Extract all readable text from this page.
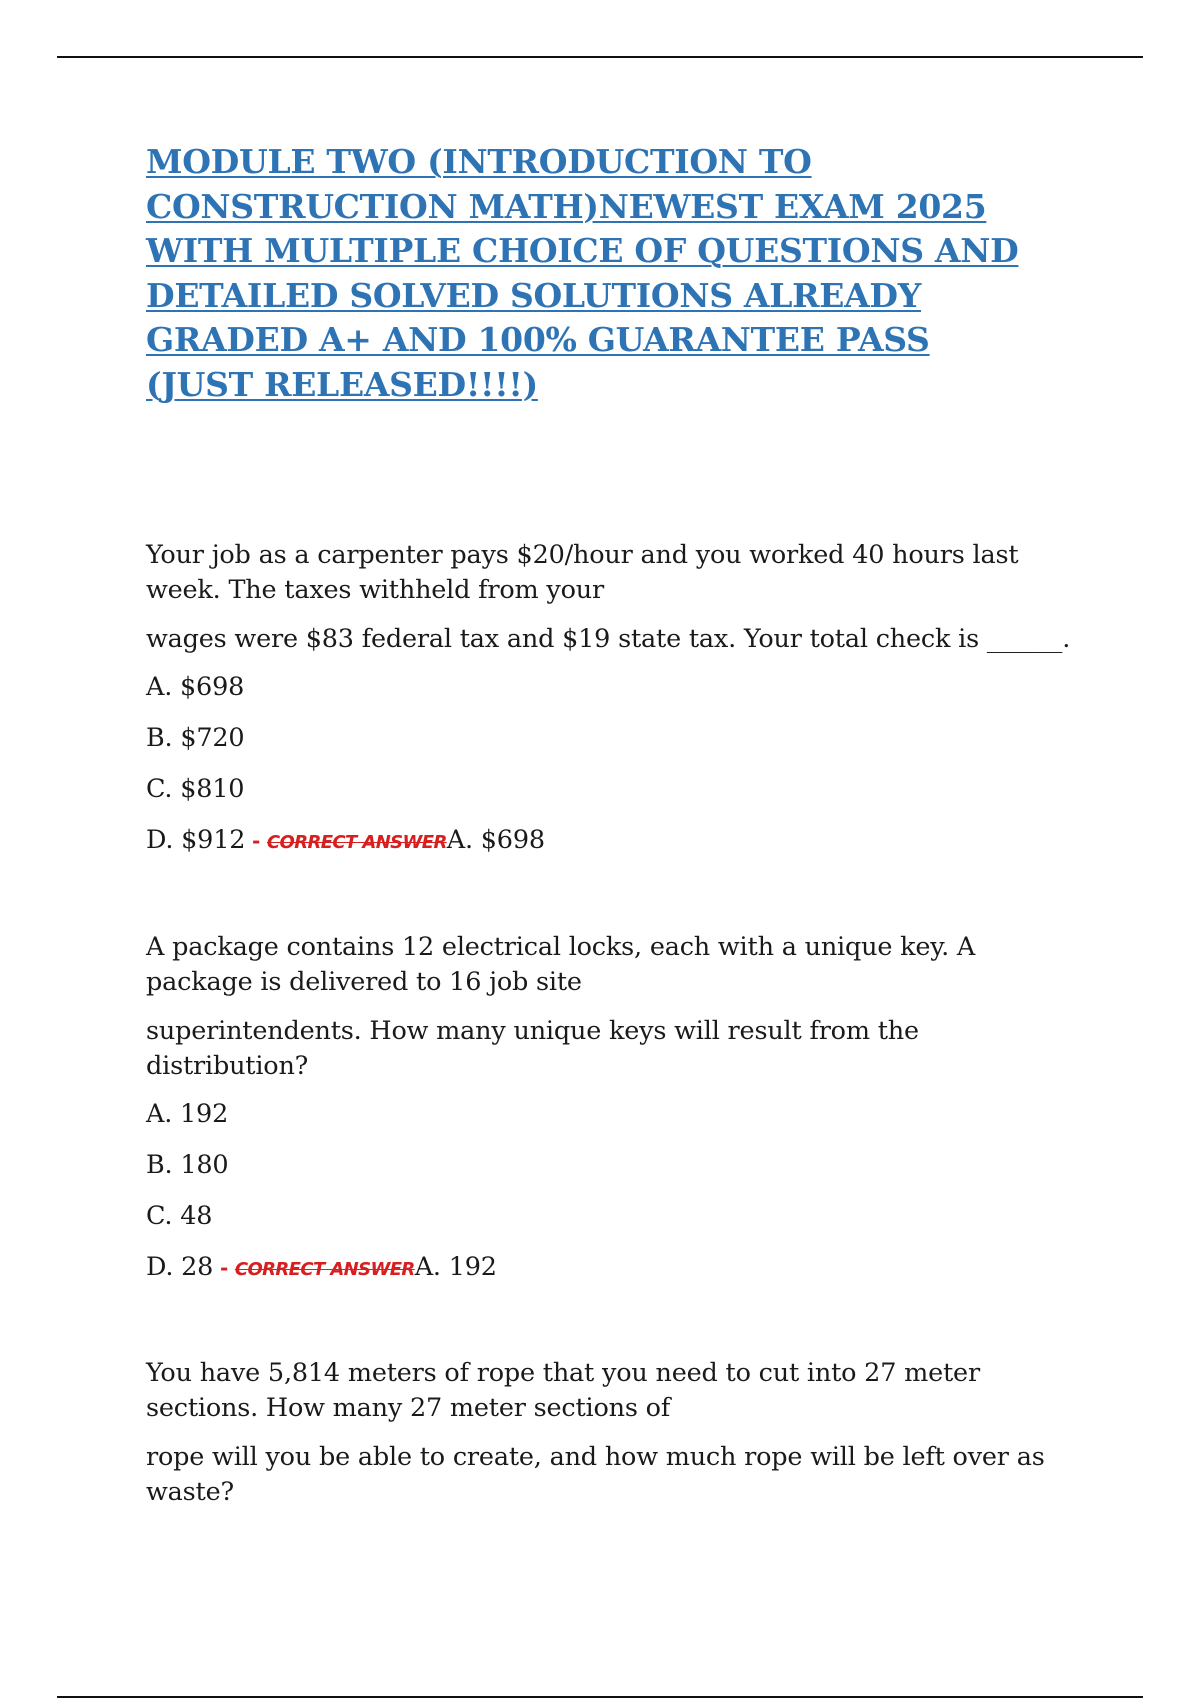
MODULE TWO (INTRODUCTION TO
CONSTRUCTION MATH)NEWEST EXAM 2025
WITH MULTIPLE CHOICE OF QUESTIONS AND
DETAILED SOLVED SOLUTIONS ALREADY
GRADED A+ AND 100% GUARANTEE PASS
(JUST RELEASED!!!!)

Your job as a carpenter pays $20/hour and you worked 40 hours last week. The taxes withheld from your

wages were $83 federal tax and $19 state tax. Your total check is ______.

A. $698

B. $720

C. $810

D. $912 - CORRECT ANSWERA. $698

A package contains 12 electrical locks, each with a unique key. A package is delivered to 16 job site

superintendents. How many unique keys will result from the distribution?

A. 192

B. 180

C. 48

D. 28 - CORRECT ANSWERA. 192

You have 5,814 meters of rope that you need to cut into 27 meter sections. How many 27 meter sections of

rope will you be able to create, and how much rope will be left over as waste?
